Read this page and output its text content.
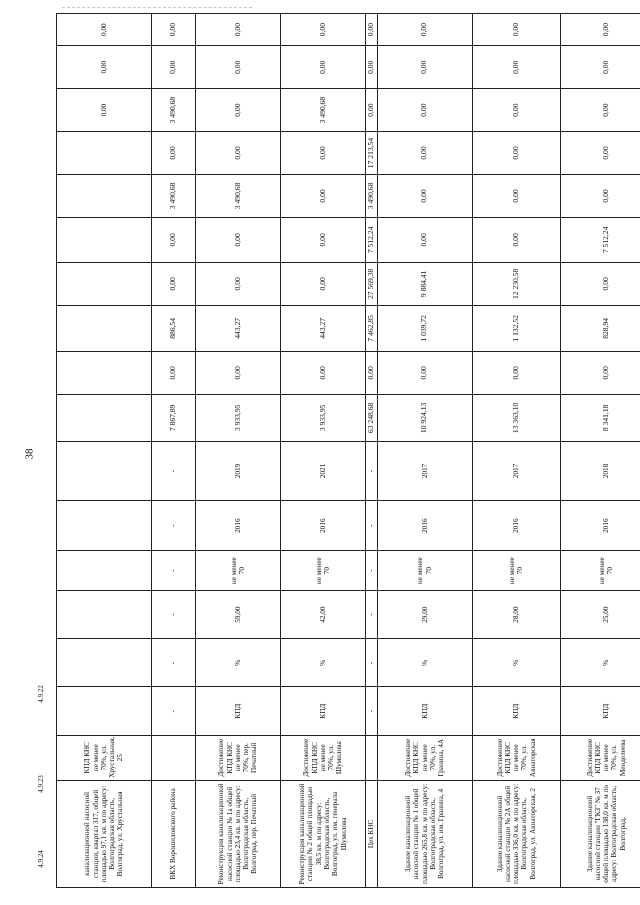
38
канализационной насосной станции, квартал 317, общей площадью 97,1 кв. м по адресу: Волгоградская область, Волгоград, ул. Хрустальная	КПД КНС не менее 70%, ул. Хрустальная, 25														0,00	0,00	0,00
ВКХ Ворошиловского района		-	-	-	-	-	-	7 867,89	0,00	886,54	0,00	0,00	3 490,68	0,00	3 490,68	0,00	0,00
Реконструкция канализационной насосной станции № 1а общей площадью 23,4 кв. м по адресу: Волгоградская область, Волгоград, пер. Печатный	Достижение КПД КНС не менее 70%, пер. Печатный	КПД	%	59,00	не менее 70	2016	2019	3 933,95	0,00	443,27	0,00	0,00	3 490,68	0,00	0,00	0,00	0,00
Реконструкция канализационной станции № 2 общей площадью 38,5 кв. м по адресу: Волгоградская область, Волгоград, ул. им. генерала Шумилова	Достижение КПД КНС не менее 70%, ул. Шумилова	КПД	%	42,00	не менее 70	2016	2021	3 933,95	0,00	443,27	0,00	0,00	0,00	0,00	3 490,68	0,00	0,00
Цех КНС		-	-	-	-	-	-	63 248,68	0,00	7 462,85	27 569,38	7 512,24	3 490,68	17 213,54	0,00	0,00	0,00
Здание канализационной насосной станции № 1 общей площадью 265,8 кв. м по адресу: Волгоградская область, Волгоград, ул. им. Гранина, 4	Достижение КПД КНС не менее 70%, ул. Гранина, 4А	КПД	%	29,00	не менее 70	2016	2017	10 924,13	0,00	1 039,72	9 884,41	0,00	0,00	0,00	0,00	0,00	0,00
Здание канализационной насосной станции № 2А общей площадью 336,0 кв. м по адресу: Волгоградская область, Волгоград, ул. Авиаторская, 2	Достижение КПД КНС не менее 70%, ул. Авиаторская	КПД	%	28,00	не менее 70	2016	2017	13 363,10	0,00	1 132,52	12 230,58	0,00	0,00	0,00	0,00	0,00	0,00
Здание канализационной насосной станции "ГКЗ" № 37 общей площадью 138,0 кв. м по адресу: Волгоградская область, Волгоград,	Достижение КПД КНС не менее 70%, ул. Менделеева	КПД	%	25,00	не менее 70	2016	2018	8 341,18	0,00	828,94	0,00	7 512,24	0,00	0,00	0,00	0,00	0,00
4.9.22
4.9.23
4.9.24
